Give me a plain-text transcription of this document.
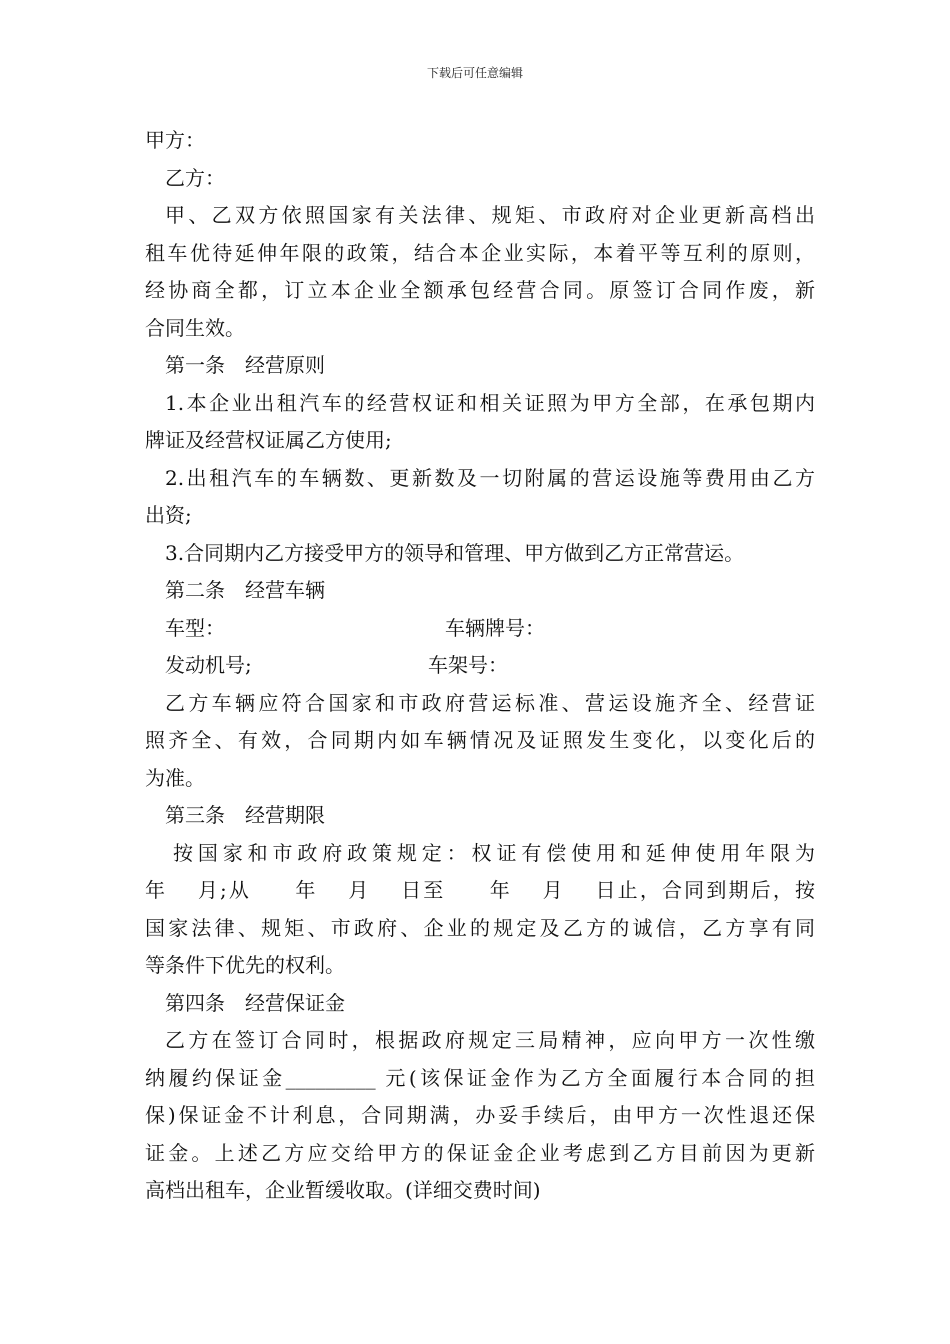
下载后可任意编辑
甲方：
乙方：
甲、乙双方依照国家有关法律、规矩、市政府对企业更新高档出
租车优待延伸年限的政策，结合本企业实际，本着平等互利的原则，
经协商全都，订立本企业全额承包经营合同。原签订合同作废，新
合同生效。
第一条　经营原则
1.本企业出租汽车的经营权证和相关证照为甲方全部，在承包期内
牌证及经营权证属乙方使用;
2.出租汽车的车辆数、更新数及一切附属的营运设施等费用由乙方
出资;
3.合同期内乙方接受甲方的领导和管理、甲方做到乙方正常营运。
第二条　经营车辆
车型：	车辆牌号：
发动机号;	车架号：
乙方车辆应符合国家和市政府营运标准、营运设施齐全、经营证
照齐全、有效，合同期内如车辆情况及证照发生变化，以变化后的
为准。
第三条　经营期限
按国家和市政府政策规定：权证有偿使用和延伸使用年限为
年　 月;从　　年　 月　 日至　　年　 月　 日止，合同到期后，按
国家法律、规矩、市政府、企业的规定及乙方的诚信，乙方享有同
等条件下优先的权利。
第四条　经营保证金
乙方在签订合同时，根据政府规定三局精神，应向甲方一次性缴
纳履约保证金_________ 元(该保证金作为乙方全面履行本合同的担
保)保证金不计利息，合同期满，办妥手续后，由甲方一次性退还保
证金。上述乙方应交给甲方的保证金企业考虑到乙方目前因为更新
高档出租车，企业暂缓收取。(详细交费时间)
